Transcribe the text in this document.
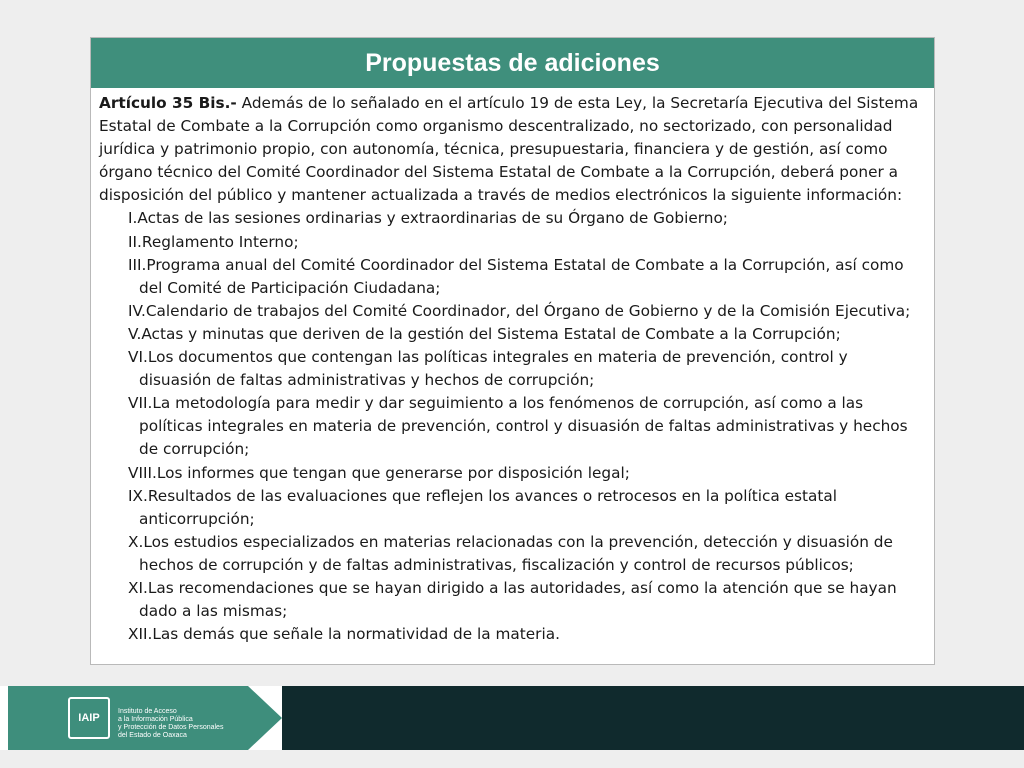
Propuestas de adiciones

Artículo 35 Bis.- Además de lo señalado en el artículo 19 de esta Ley, la Secretaría Ejecutiva del Sistema Estatal de Combate a la Corrupción como organismo descentralizado, no sectorizado, con personalidad jurídica y patrimonio propio, con autonomía, técnica, presupuestaria, financiera y de gestión, así como órgano técnico del Comité Coordinador del Sistema Estatal de Combate a la Corrupción, deberá poner a disposición del público y mantener actualizada a través de medios electrónicos la siguiente información:

I.Actas de las sesiones ordinarias y extraordinarias de su Órgano de Gobierno;
II.Reglamento Interno;
III.Programa anual del Comité Coordinador del Sistema Estatal de Combate a la Corrupción, así como del Comité de Participación Ciudadana;
IV.Calendario de trabajos del Comité Coordinador, del Órgano de Gobierno y de la Comisión Ejecutiva;
V.Actas y minutas que deriven de la gestión del Sistema Estatal de Combate a la Corrupción;
VI.Los documentos que contengan las políticas integrales en materia de prevención, control y disuasión de faltas administrativas y hechos de corrupción;
VII.La metodología para medir y dar seguimiento a los fenómenos de corrupción, así como a las políticas integrales en materia de prevención, control y disuasión de faltas administrativas y hechos de corrupción;
VIII.Los informes que tengan que generarse por disposición legal;
IX.Resultados de las evaluaciones que reflejen los avances o retrocesos en la política estatal anticorrupción;
X.Los estudios especializados en materias relacionadas con la prevención, detección y disuasión de hechos de corrupción y de faltas administrativas, fiscalización y control de recursos públicos;
XI.Las recomendaciones que se hayan dirigido a las autoridades, así como la atención que se hayan dado a las mismas;
XII.Las demás que señale la normatividad de la materia.
IAIP
Instituto de Acceso
a la Información Pública
y Protección de Datos Personales
del Estado de Oaxaca
